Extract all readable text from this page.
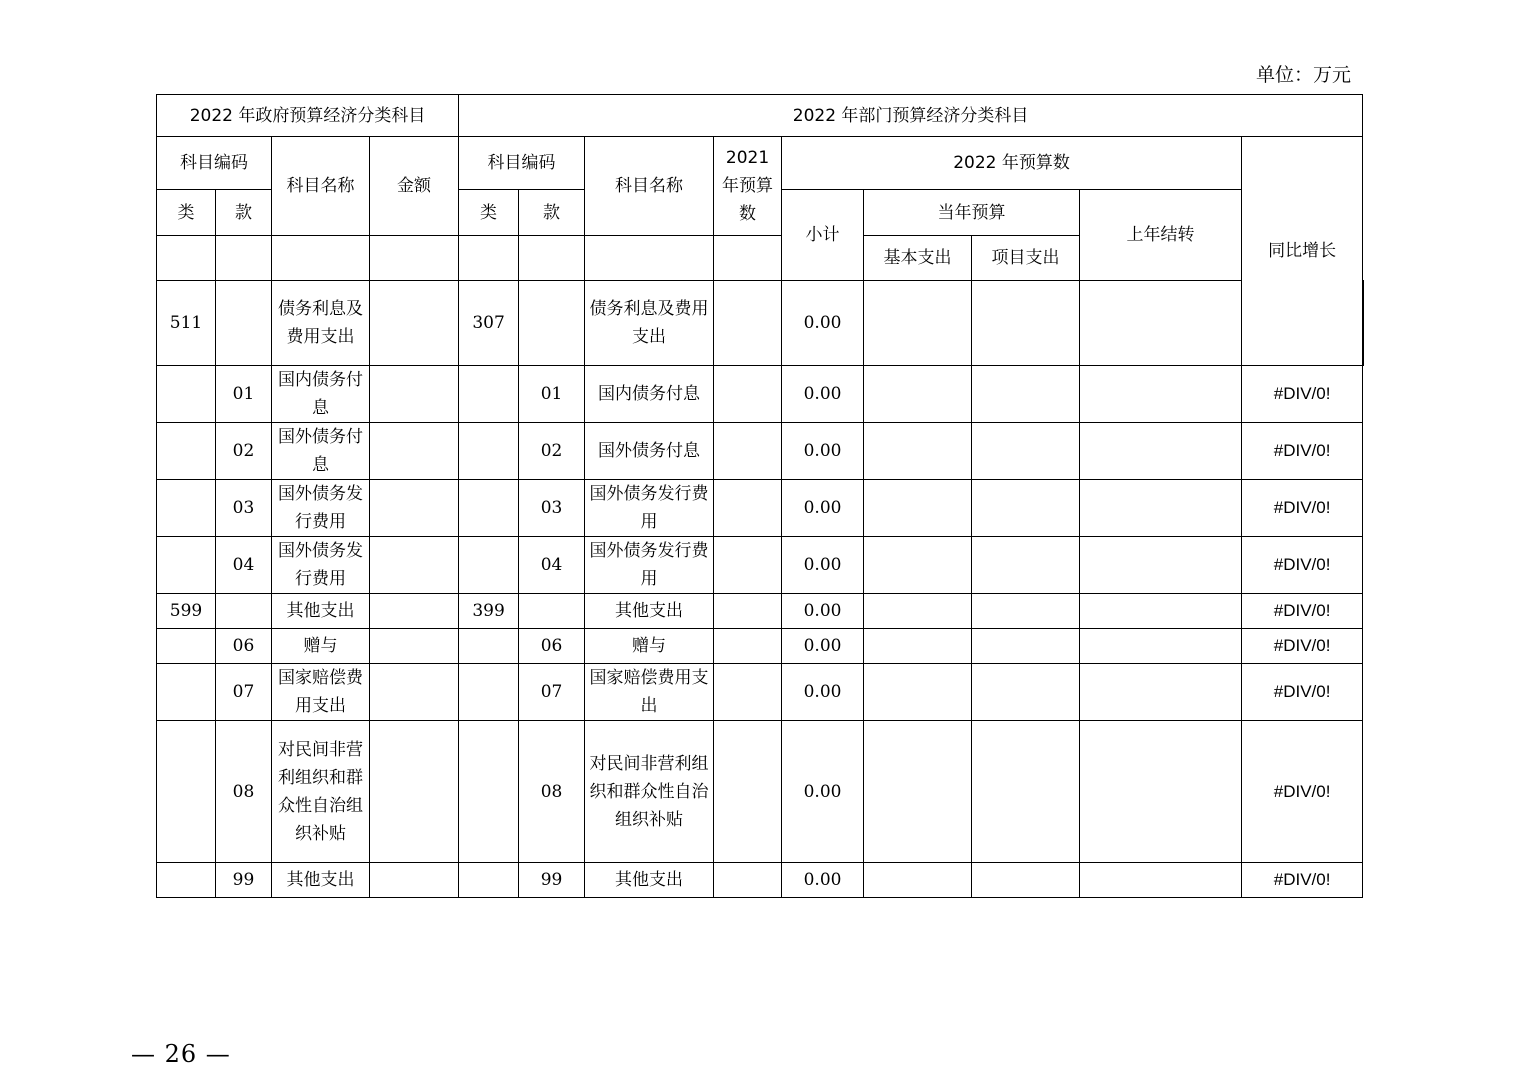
单位：万元
2022 年政府预算经济分类科目				2022 年部门预算经济分类科目									
科目编码		科目名称	金额	科目编码		科目名称	2021 年预算数	2022 年预算数				同比增长	
类	款			类	款			小计	当年预算		上年结转		
									基本支出	项目支出			
511		债务利息及费用支出		307		债务利息及费用支出		0.00				
	01	国内债务付息			01	国内债务付息		0.00				#DIV/0!	
	02	国外债务付息			02	国外债务付息		0.00				#DIV/0!	
	03	国外债务发行费用			03	国外债务发行费用		0.00				#DIV/0!	
	04	国外债务发行费用			04	国外债务发行费用		0.00				#DIV/0!	
599		其他支出		399		其他支出		0.00				#DIV/0!	
	06	赠与			06	赠与		0.00				#DIV/0!	
	07	国家赔偿费用支出			07	国家赔偿费用支出		0.00				#DIV/0!	
	08	对民间非营利组织和群众性自治组织补贴			08	对民间非营利组织和群众性自治组织补贴		0.00				#DIV/0!	
	99	其他支出			99	其他支出		0.00				#DIV/0!	
— 26 —
